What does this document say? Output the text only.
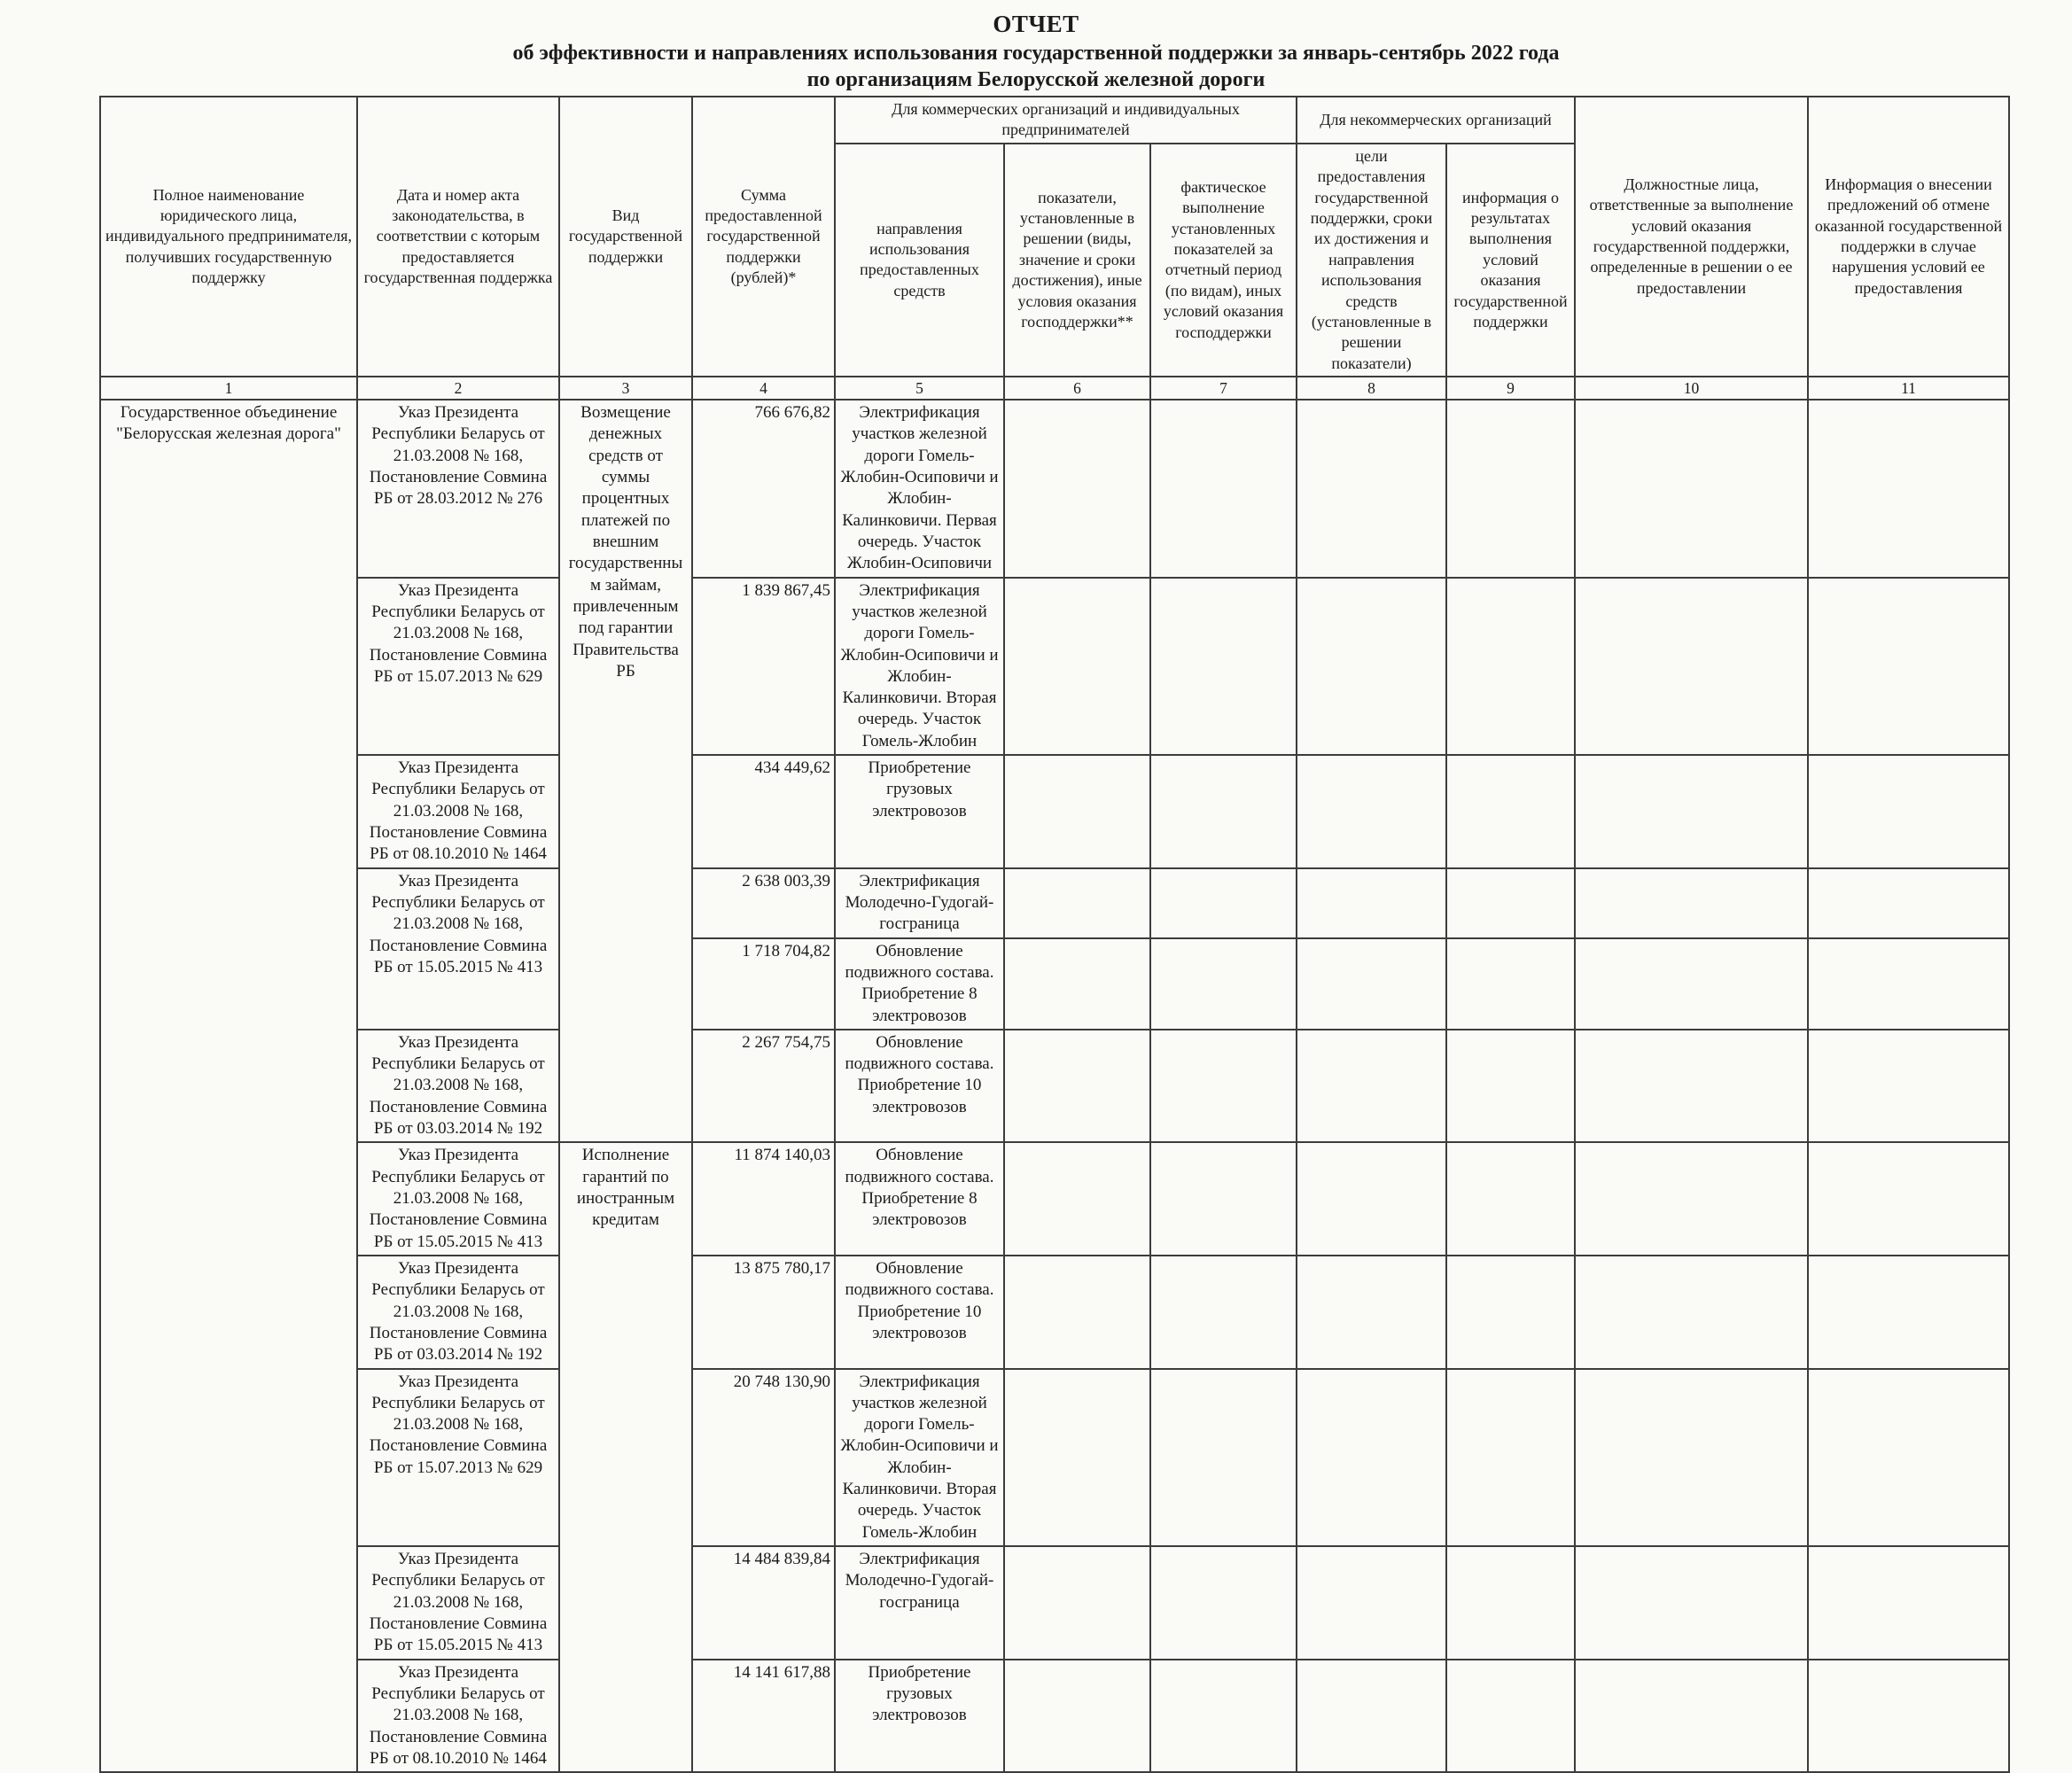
ОТЧЕТ
об эффективности и направлениях использования государственной поддержки за январь-сентябрь 2022 года
по организациям Белорусской железной дороги
Полное наименование юридического лица, индивидуального предпринимателя, получивших государственную поддержку	Дата и номер акта законодательства, в соответствии с которым предоставляется государственная поддержка	Вид государственной поддержки	Сумма предоставленной государственной поддержки (рублей)*	Для коммерческих организаций и индивидуальных предпринимателей			Для некоммерческих организаций		Должностные лица, ответственные за выполнение условий оказания государственной поддержки, определенные в решении о ее предоставлении	Информация о внесении предложений об отмене оказанной государственной поддержки в случае нарушения условий ее предоставления
				направления использования предоставленных средств	показатели, установленные в решении (виды, значение и сроки достижения), иные условия оказания господдержки**	фактическое выполнение установленных показателей за отчетный период (по видам), иных условий оказания господдержки	цели предоставления государственной поддержки, сроки их достижения и направления использования средств (установленные в решении показатели)	информация о результатах выполнения условий оказания государственной поддержки		
1	2	3	4	5	6	7	8	9	10	11
Государственное объединение "Белорусская железная дорога"	Указ Президента Республики Беларусь от 21.03.2008 № 168, Постановление Совмина РБ от 28.03.2012 № 276	Возмещение денежных средств от суммы процентных платежей по внешним государственным займам, привлеченным под гарантии Правительства РБ	766 676,82	Электрификация участков железной дороги Гомель-Жлобин-Осиповичи и Жлобин-Калинковичи. Первая очередь. Участок Жлобин-Осиповичи						
	Указ Президента Республики Беларусь от 21.03.2008 № 168, Постановление Совмина РБ от 15.07.2013 № 629		1 839 867,45	Электрификация участков железной дороги Гомель-Жлобин-Осиповичи и Жлобин-Калинковичи. Вторая очередь. Участок Гомель-Жлобин						
	Указ Президента Республики Беларусь от 21.03.2008 № 168, Постановление Совмина РБ от 08.10.2010 № 1464		434 449,62	Приобретение грузовых электровозов						
	Указ Президента Республики Беларусь от 21.03.2008 № 168, Постановление Совмина РБ от 15.05.2015 № 413		2 638 003,39	Электрификация Молодечно-Гудогай-госграница						
			1 718 704,82	Обновление подвижного состава. Приобретение 8 электровозов						
	Указ Президента Республики Беларусь от 21.03.2008 № 168, Постановление Совмина РБ от 03.03.2014 № 192		2 267 754,75	Обновление подвижного состава. Приобретение 10 электровозов						
	Указ Президента Республики Беларусь от 21.03.2008 № 168, Постановление Совмина РБ от 15.05.2015 № 413	Исполнение гарантий по иностранным кредитам	11 874 140,03	Обновление подвижного состава. Приобретение 8 электровозов						
	Указ Президента Республики Беларусь от 21.03.2008 № 168, Постановление Совмина РБ от 03.03.2014 № 192		13 875 780,17	Обновление подвижного состава. Приобретение 10 электровозов						
	Указ Президента Республики Беларусь от 21.03.2008 № 168, Постановление Совмина РБ от 15.07.2013 № 629		20 748 130,90	Электрификация участков железной дороги Гомель-Жлобин-Осиповичи и Жлобин-Калинковичи. Вторая очередь. Участок Гомель-Жлобин						
	Указ Президента Республики Беларусь от 21.03.2008 № 168, Постановление Совмина РБ от 15.05.2015 № 413		14 484 839,84	Электрификация Молодечно-Гудогай-госграница						
	Указ Президента Республики Беларусь от 21.03.2008 № 168, Постановление Совмина РБ от 08.10.2010 № 1464		14 141 617,88	Приобретение грузовых электровозов						
